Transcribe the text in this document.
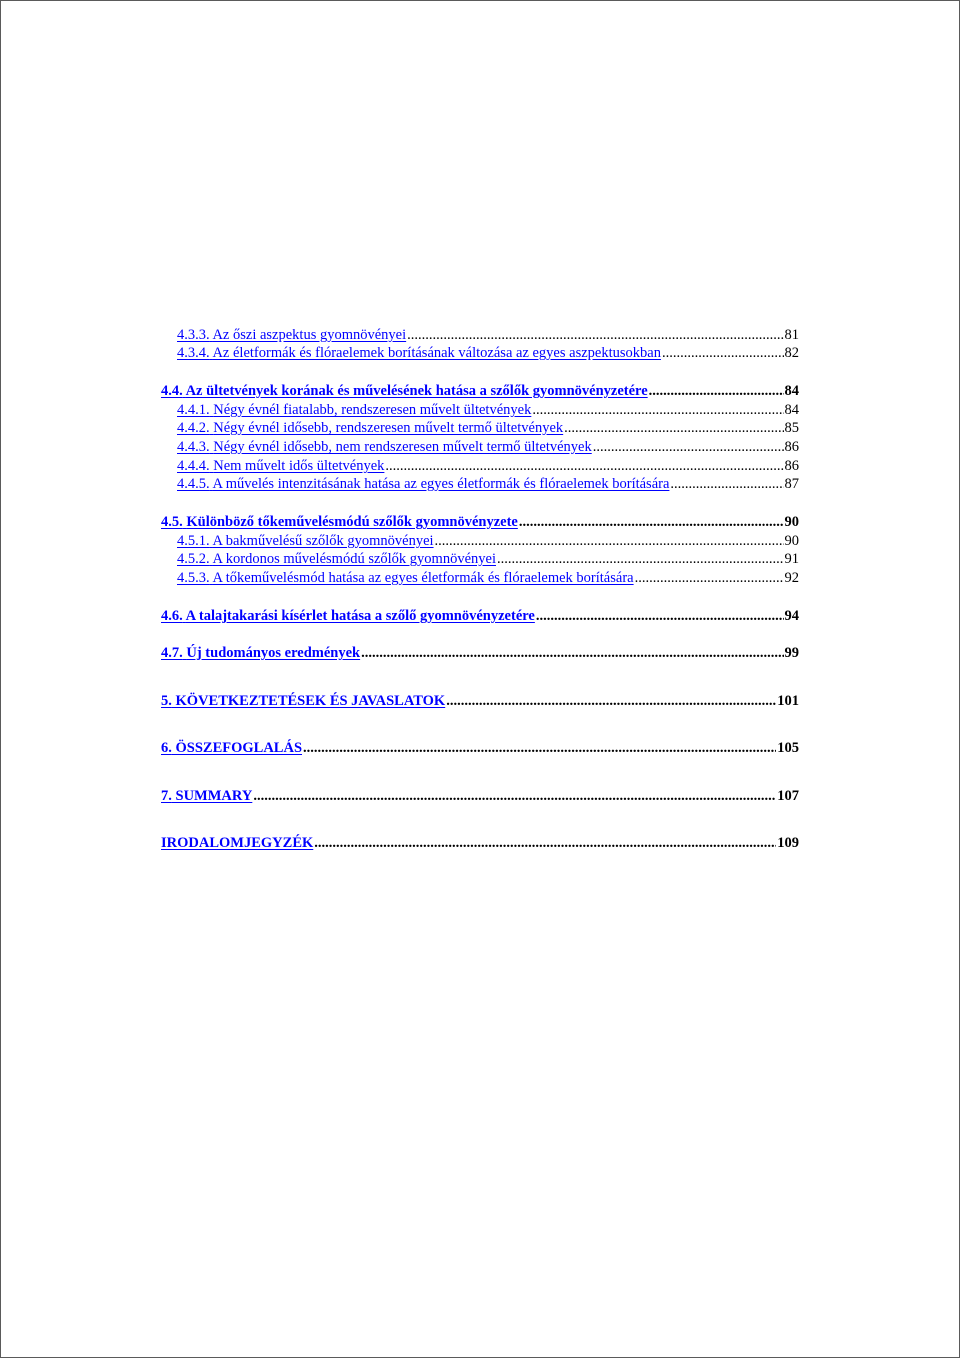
4.3.3. Az őszi aszpektus gyomnövényei .....	81
4.3.4. Az életformák és flóraelemek borításának változása az egyes aszpektusokban .....	82
4.4. Az ültetvények korának és művelésének hatása a szőlők gyomnövényzetére .....	84
4.4.1. Négy évnél fiatalabb, rendszeresen művelt ültetvények .....	84
4.4.2. Négy évnél idősebb, rendszeresen művelt termő ültetvények .....	85
4.4.3. Négy évnél idősebb, nem rendszeresen művelt termő ültetvények .....	86
4.4.4. Nem művelt idős ültetvények .....	86
4.4.5. A művelés intenzitásának hatása az egyes életformák és flóraelemek borítására .....	87
4.5. Különböző tőkeművelésmódú szőlők gyomnövényzete .....	90
4.5.1. A bakművelésű szőlők gyomnövényei .....	90
4.5.2. A kordonos művelésmódú szőlők gyomnövényei .....	91
4.5.3. A tőkeművelésmód hatása az egyes életformák és flóraelemek borítására .....	92
4.6. A talajtakarási kísérlet hatása a szőlő gyomnövényzetére .....	94
4.7. Új tudományos eredmények .....	99
5. KÖVETKEZTETÉSEK ÉS JAVASLATOK .....	101
6. ÖSSZEFOGLALÁS .....	105
7. SUMMARY .....	107
IRODALOMJEGYZÉK .....	109
